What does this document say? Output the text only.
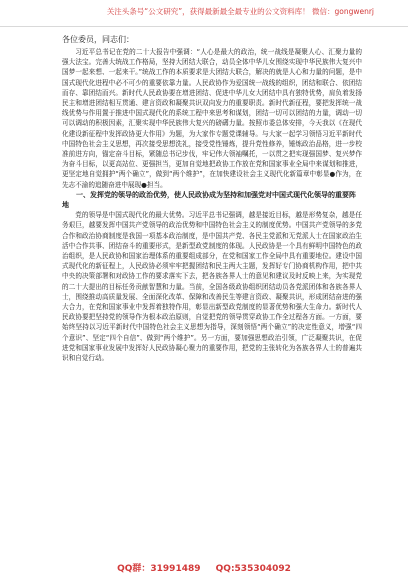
关注头条号“公文研究”，获得最新最全最专业的公文资料库！ 微信：gongwenrj

各位委员，同志们：

习近平总书记在党的二十大报告中强调：“人心是最大的政治，统一战线是凝聚人心、汇聚力量的强大法宝。完善大统战工作格局，坚持大团结大联合，动员全体中华儿女围绕实现中华民族伟大复兴中国梦一起来想、一起来干。”统战工作的本质要求是大团结大联合，解决的就是人心和力量的问题，是中国式现代化进程中必不可少的重要依靠力量。人民政协作为爱国统一战线的组织，团结和联合、依团结而存、靠团结而兴。新时代人民政协要在增进团结、促进中华儿女大团结中具有独特优势，肩负着发扬民主和增进团结相互贯通、建言资政和凝聚共识双向发力的重要职责。新时代新征程，要把发挥统一战线优势与作用置于推进中国式现代化的系统工程中来思考和谋划，团结一切可以团结的力量，调动一切可以调动的积极因素，汇聚实现中华民族伟大复兴的磅礴力量。按照市委总体安排，今天我以《在现代化建设新征程中发挥政协更大作用》为题，为大家作专题党课辅导。与大家一起学习领悟习近平新时代中国特色社会主义思想，再次接受思想洗礼，接受党性锤炼，提升党性修养，锤炼政治品格，进一步校准前进方向，锚定奋斗目标，紧随总书记步伐，牢记伟大领袖嘱托，一以贯之把实现强国梦、复兴梦作为奋斗目标，以更高站位、更强担当，更加自觉地把政协工作放在党和国家事业全局中来谋划和推进，更坚定地自觉拥护“两个确立”，做到“两个维护”，在加快建设社会主义现代化新篇章中彰显●作为，在先志不渝的追随奋进中展现●担当。

一、发挥党的领导的政治优势，使人民政协成为坚持和加强党对中国式现代化领导的重要阵地

党的领导是中国式现代化的最大优势。习近平总书记强调，越是接近目标，越是形势复杂，越是任务艰巨，越要发挥中国共产党领导的政治优势和中国特色社会主义的制度优势。中国共产党领导的多党合作和政治协商制度是我国一项基本政治制度，是中国共产党、各民主党派和无党派人士在国家政治生活中合作共事、团结奋斗的重要形式，是新型政党制度的体现。人民政协是一个具有鲜明中国特色的政治组织，是人民政协和国家治理体系的重要组成部分，在党和国家工作全局中具有重要地位。建设中国式现代化的新征程上，人民政协必须牢牢把握团结和民主两大主题，发挥好专门协商机构作用，把中共中央的决策部署和对政协工作的要求落实下去，把各族各界人士的意见和建议及时反映上来，为实现党的二十大提出的目标任务贡献智慧和力量。当前，全国各级政协组织团结动员各党派团体和各族各界人士，围绕推动高质量发展、全面深化改革、保障和改善民生等建言资政、凝聚共识，形成团结奋进的强大合力，在党和国家事业中发挥着独特作用，彰显出新型政党制度的显著优势和强大生命力。新时代人民政协要把坚持党的领导作为根本政治原则，自觉把党的领导贯穿政协工作全过程各方面。一方面，要始终坚持以习近平新时代中国特色社会主义思想为指导，深刻领悟“两个确立”的决定性意义，增强“四个意识”、坚定“四个自信”、做到“两个维护”。另一方面，要加强思想政治引领，广泛凝聚共识，在促进党和国家事业发展中发挥好人民政协凝心聚力的重要作用，把党的主张转化为各族各界人士的普遍共识和自觉行动。

QQ群：31991489 QQ:535304092
